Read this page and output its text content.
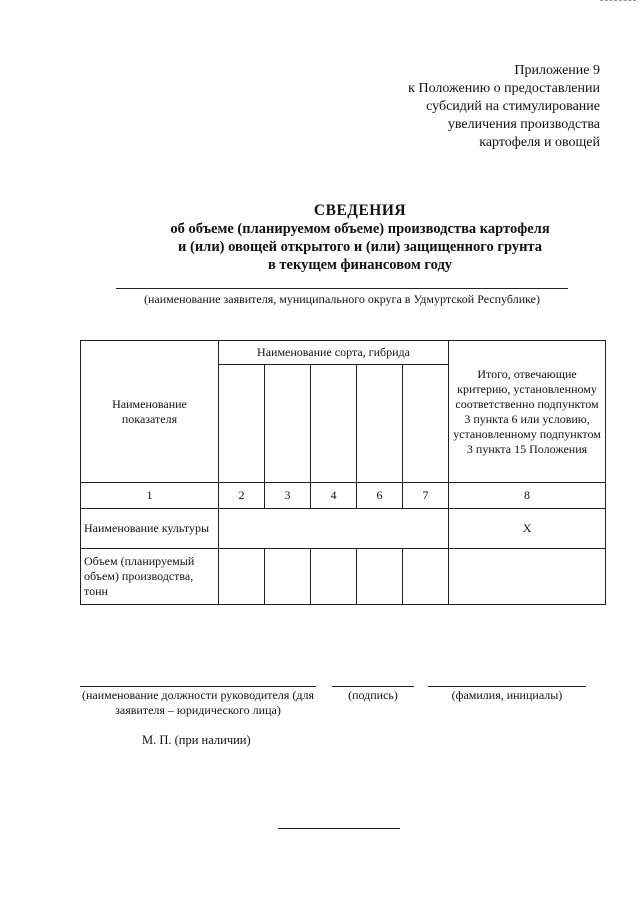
Приложение 9
к Положению о предоставлении
субсидий на стимулирование
увеличения производства
картофеля и овощей
СВЕДЕНИЯ
об объеме (планируемом объеме) производства картофеля
и (или) овощей открытого и (или) защищенного грунта
в текущем финансовом году
(наименование заявителя, муниципального округа в Удмуртской Республике)
Наименование показателя	Наименование сорта, гибрида					Итого, отвечающие критерию, установленному соответственно подпунктом 3 пункта 6 или условию, установленному подпунктом 3 пункта 15 Положения

1	2	3	4	6	7	8
Наименование культуры						Х
Объем (планируемый объем) производства, тонн						
(наименование должности руководителя (для заявителя – юридического лица)
(подпись)	(фамилия, инициалы)
М. П. (при наличии)
